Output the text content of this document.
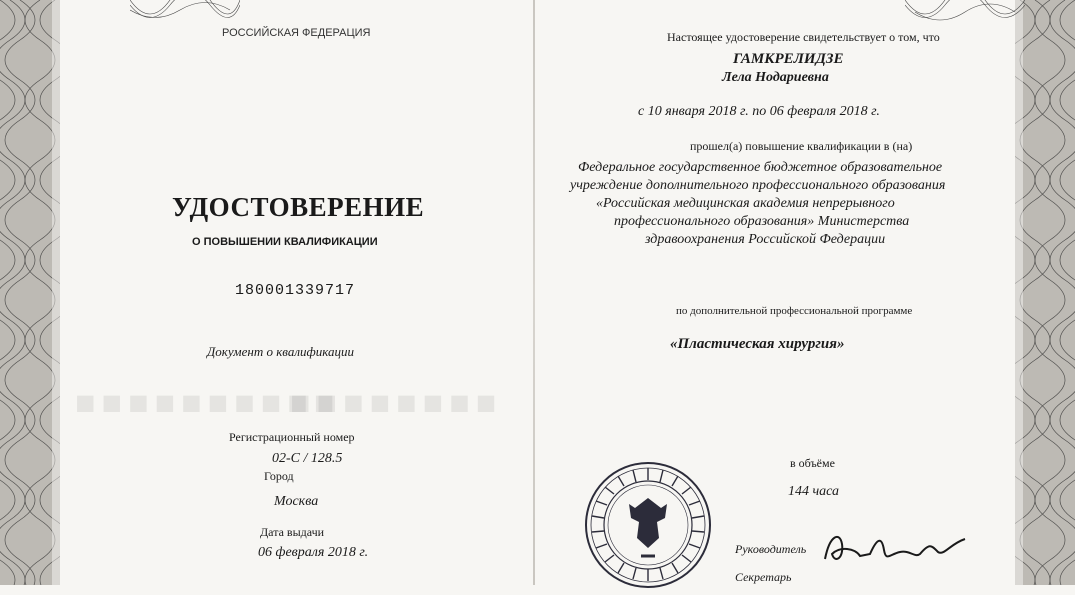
■■■■■■■■■■
■■■■■■■■
РОССИЙСКАЯ ФЕДЕРАЦИЯ
УДОСТОВЕРЕНИЕ
О ПОВЫШЕНИИ КВАЛИФИКАЦИИ
180001339717
Документ о квалификации
Регистрационный номер
02-С / 128.5
Город
Москва
Дата выдачи
06 февраля 2018 г.
Настоящее удостоверение свидетельствует о том, что
ГАМКРЕЛИДЗЕ
Лела Нодариевна
с 10 января 2018 г. по 06 февраля 2018 г.
прошел(а) повышение квалификации в (на)
Федеральное государственное бюджетное образовательное
учреждение дополнительного профессионального образования
«Российская медицинская академия непрерывного
профессионального образования» Министерства
здравоохранения Российской Федерации
по дополнительной профессиональной программе
«Пластическая хирургия»
в объёме
144 часа
Руководитель
Секретарь
